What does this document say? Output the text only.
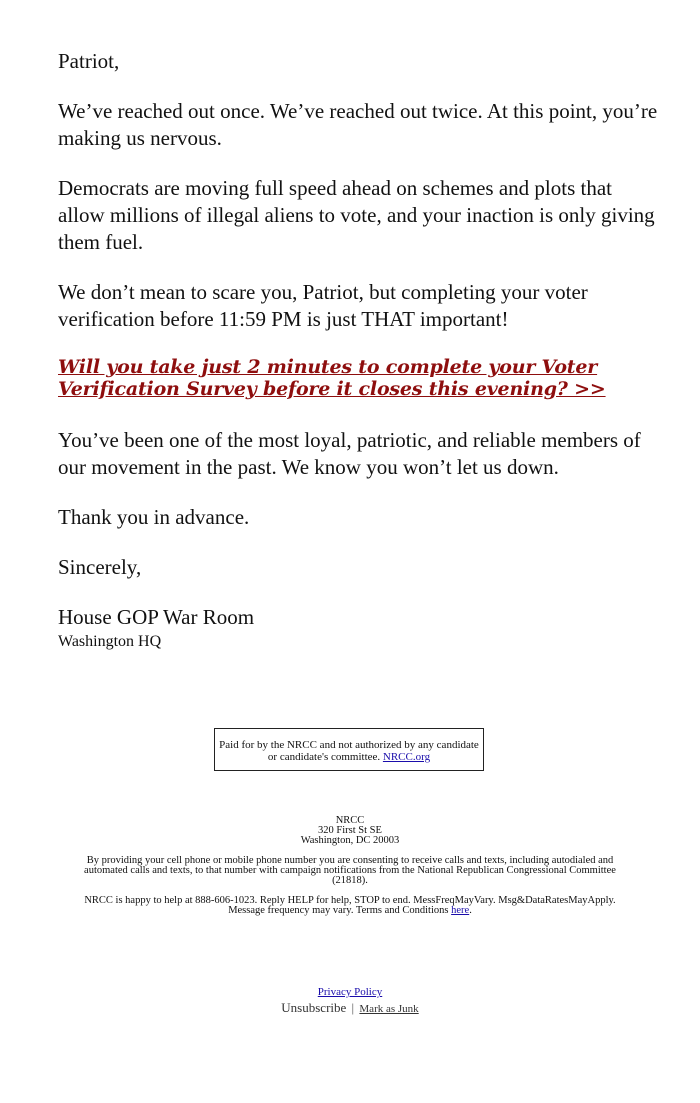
Patriot,

We’ve reached out once. We’ve reached out twice. At this point, you’re making us nervous.

Democrats are moving full speed ahead on schemes and plots that allow millions of illegal aliens to vote, and your inaction is only giving them fuel.

We don’t mean to scare you, Patriot, but completing your voter verification before 11:59 PM is just THAT important!

Will you take just 2 minutes to complete your Voter Verification Survey before it closes this evening? >>

You’ve been one of the most loyal, patriotic, and reliable members of our movement in the past. We know you won’t let us down.

Thank you in advance.

Sincerely,

House GOP War Room

Washington HQ

Paid for by the NRCC and not authorized by any candidate or candidate's committee. NRCC.org
NRCC
320 First St SE
Washington, DC 20003
By providing your cell phone or mobile phone number you are consenting to receive calls and texts, including autodialed and automated calls and texts, to that number with campaign notifications from the National Republican Congressional Committee (21818).
NRCC is happy to help at 888-606-1023. Reply HELP for help, STOP to end. MessFreqMayVary. Msg&DataRatesMayApply. Message frequency may vary. Terms and Conditions here.
Privacy Policy
Unsubscribe | Mark as Junk
